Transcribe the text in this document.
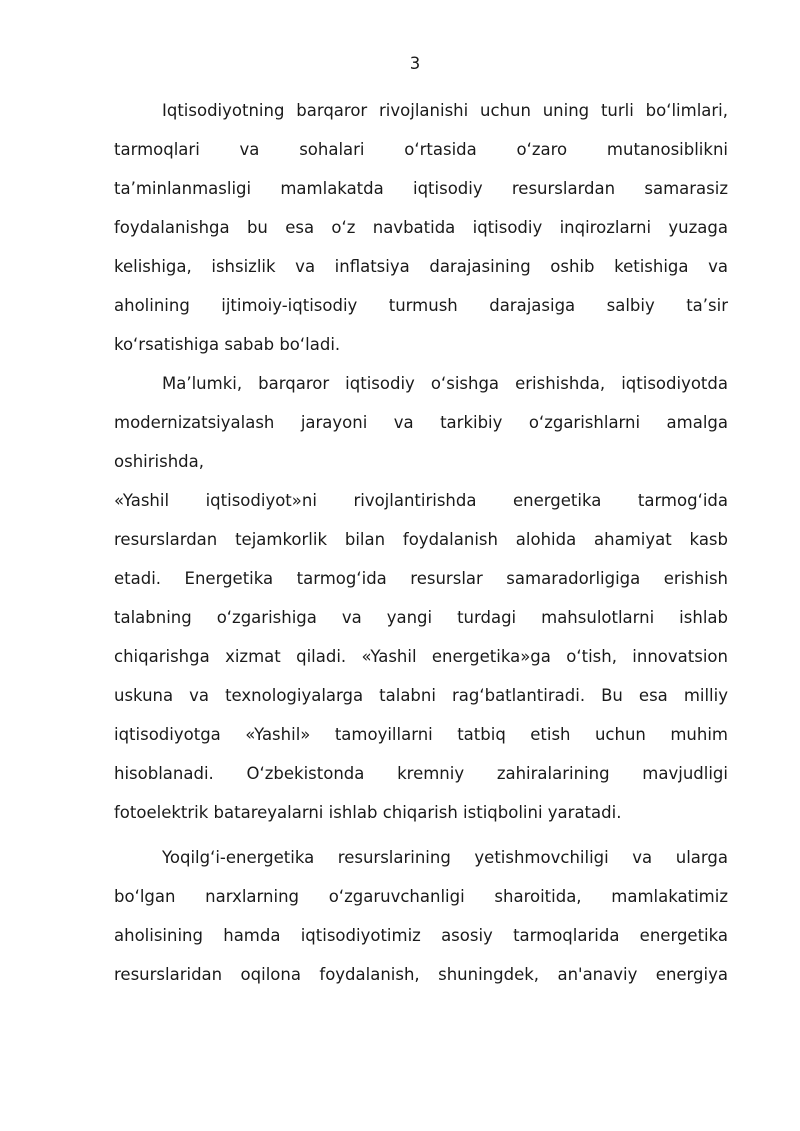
3
Iqtisodiyotning barqaror rivojlanishi uchun uning turli bo‘limlari,
tarmoqlari va sohalari o‘rtasida o‘zaro mutanosiblikni
ta’minlanmasligi mamlakatda iqtisodiy resurslardan samarasiz
foydalanishga bu esa o‘z navbatida iqtisodiy inqirozlarni yuzaga
kelishiga, ishsizlik va inflatsiya darajasining oshib ketishiga va
aholining ijtimoiy-iqtisodiy turmush darajasiga salbiy ta’sir
ko‘rsatishiga sabab bo‘ladi.
Ma’lumki, barqaror iqtisodiy o‘sishga erishishda, iqtisodiyotda
modernizatsiyalash jarayoni va tarkibiy o‘zgarishlarni amalga
oshirishda,
«Yashil iqtisodiyot»ni rivojlantirishda energetika tarmog‘ida
resurslardan tejamkorlik bilan foydalanish alohida ahamiyat kasb
etadi. Energetika tarmog‘ida resurslar samaradorligiga erishish
talabning o‘zgarishiga va yangi turdagi mahsulotlarni ishlab
chiqarishga xizmat qiladi. «Yashil energetika»ga o‘tish, innovatsion
uskuna va texnologiyalarga talabni rag‘batlantiradi. Bu esa milliy
iqtisodiyotga «Yashil» tamoyillarni tatbiq etish uchun muhim
hisoblanadi. O‘zbekistonda kremniy zahiralarining mavjudligi
fotoelektrik batareyalarni ishlab chiqarish istiqbolini yaratadi.
Yoqilg‘i-energetika resurslarining yetishmovchiligi va ularga
bo‘lgan narxlarning o‘zgaruvchanligi sharoitida, mamlakatimiz
aholisining hamda iqtisodiyotimiz asosiy tarmoqlarida energetika
resurslaridan oqilona foydalanish, shuningdek, an'anaviy energiya
